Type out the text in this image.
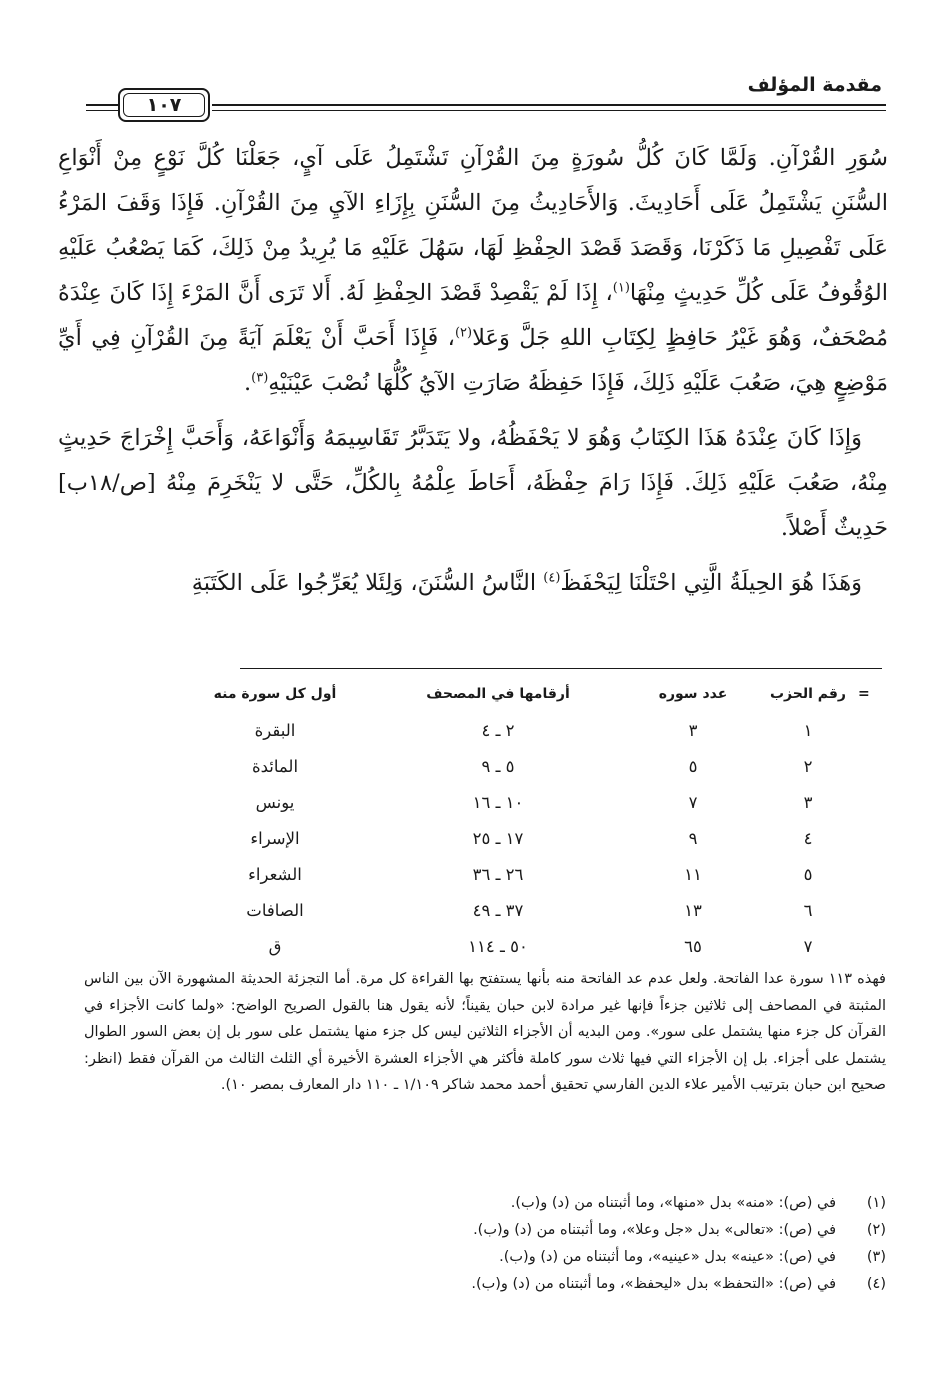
مقدمة المؤلف
١٠٧

سُوَرِ القُرْآنِ. وَلَمَّا كَانَ كُلُّ سُورَةٍ مِنَ القُرْآنِ تَشْتَمِلُ عَلَى آيٍ، جَعَلْنَا كُلَّ نَوْعٍ مِنْ أَنْوَاعِ السُّنَنِ يَشْتَمِلُ عَلَى أَحَادِيثَ. وَالأَحَادِيثُ مِنَ السُّنَنِ بِإِزَاءِ الآيِ مِنَ القُرْآنِ. فَإِذَا وَقَفَ المَرْءُ عَلَى تَفْصِيلِ مَا ذَكَرْنَا، وَقَصَدَ قَصْدَ الحِفْظِ لَهَا، سَهُلَ عَلَيْهِ مَا يُرِيدُ مِنْ ذَلِكَ، كَمَا يَصْعُبُ عَلَيْهِ الوُقُوفُ عَلَى كُلِّ حَدِيثٍ مِنْهَا$^{(١)}$، إِذَا لَمْ يَقْصِدْ قَصْدَ الحِفْظِ لَهُ. أَلا تَرَى أَنَّ المَرْءَ إِذَا كَانَ عِنْدَهُ مُصْحَفٌ، وَهُوَ غَيْرُ حَافِظٍ لِكِتَابِ اللهِ جَلَّ وَعَلا$^{(٢)}$، فَإِذَا أَحَبَّ أَنْ يَعْلَمَ آيَةً مِنَ القُرْآنِ فِي أَيِّ مَوْضِعٍ هِيَ، صَعُبَ عَلَيْهِ ذَلِكَ، فَإِذَا حَفِظَهُ صَارَتِ الآيُ كُلُّهَا نُصْبَ عَيْنَيْهِ$^{(٣)}$.

وَإِذَا كَانَ عِنْدَهُ هَذَا الكِتَابُ وَهُوَ لا يَحْفَظُهُ، ولا يَتَدَبَّرُ تَقَاسِيمَهُ وَأَنْوَاعَهُ، وَأَحَبَّ إِخْرَاجَ حَدِيثٍ مِنْهُ، صَعُبَ عَلَيْهِ ذَلِكَ. فَإِذَا رَامَ حِفْظَهُ، أَحَاطَ عِلْمُهُ بِالكُلِّ، حَتَّى لا يَنْخَرِمَ مِنْهُ [ص/١٨ب] حَدِيثٌ أَصْلاً.

وَهَذَا هُوَ الحِيلَةُ الَّتِي احْتَلْنَا لِيَحْفَظَ$^{(٤)}$ النَّاسُ السُّنَنَ، وَلِئَلا يُعَرِّجُوا عَلَى الكَتَبَةِ

=	رقم الحزب	عدد سوره	أرقامها في المصحف	أول كل سورة منه
	١	٣	٢ ـ ٤	البقرة
	٢	٥	٥ ـ ٩	المائدة
	٣	٧	١٠ ـ ١٦	يونس
	٤	٩	١٧ ـ ٢٥	الإسراء
	٥	١١	٢٦ ـ ٣٦	الشعراء
	٦	١٣	٣٧ ـ ٤٩	الصافات
	٧	٦٥	٥٠ ـ ١١٤	ق
فهذه ١١٣ سورة عدا الفاتحة. ولعل عدم عد الفاتحة منه بأنها يستفتح بها القراءة كل مرة. أما التجزئة الحديثة المشهورة الآن بين الناس المثبتة في المصاحف إلى ثلاثين جزءاً فإنها غير مرادة لابن حبان يقيناً؛ لأنه يقول هنا بالقول الصريح الواضح: «ولما كانت الأجزاء في القرآن كل جزء منها يشتمل على سور». ومن البديه أن الأجزاء الثلاثين ليس كل جزء منها يشتمل على سور بل إن بعض السور الطوال يشتمل على أجزاء. بل إن الأجزاء التي فيها ثلاث سور كاملة فأكثر هي الأجزاء العشرة الأخيرة أي الثلث الثالث من القرآن فقط (انظر: صحيح ابن حبان بترتيب الأمير علاء الدين الفارسي تحقيق أحمد محمد شاكر ١/١٠٩ ـ ١١٠ دار المعارف بمصر ١٠).
(١)
في (ص): «منه» بدل «منها»، وما أثبتناه من (د) و(ب).
(٢)
في (ص): «تعالى» بدل «جل وعلا»، وما أثبتناه من (د) و(ب).
(٣)
في (ص): «عينه» بدل «عينيه»، وما أثبتناه من (د) و(ب).
(٤)
في (ص): «التحفظ» بدل «ليحفظ»، وما أثبتناه من (د) و(ب).
